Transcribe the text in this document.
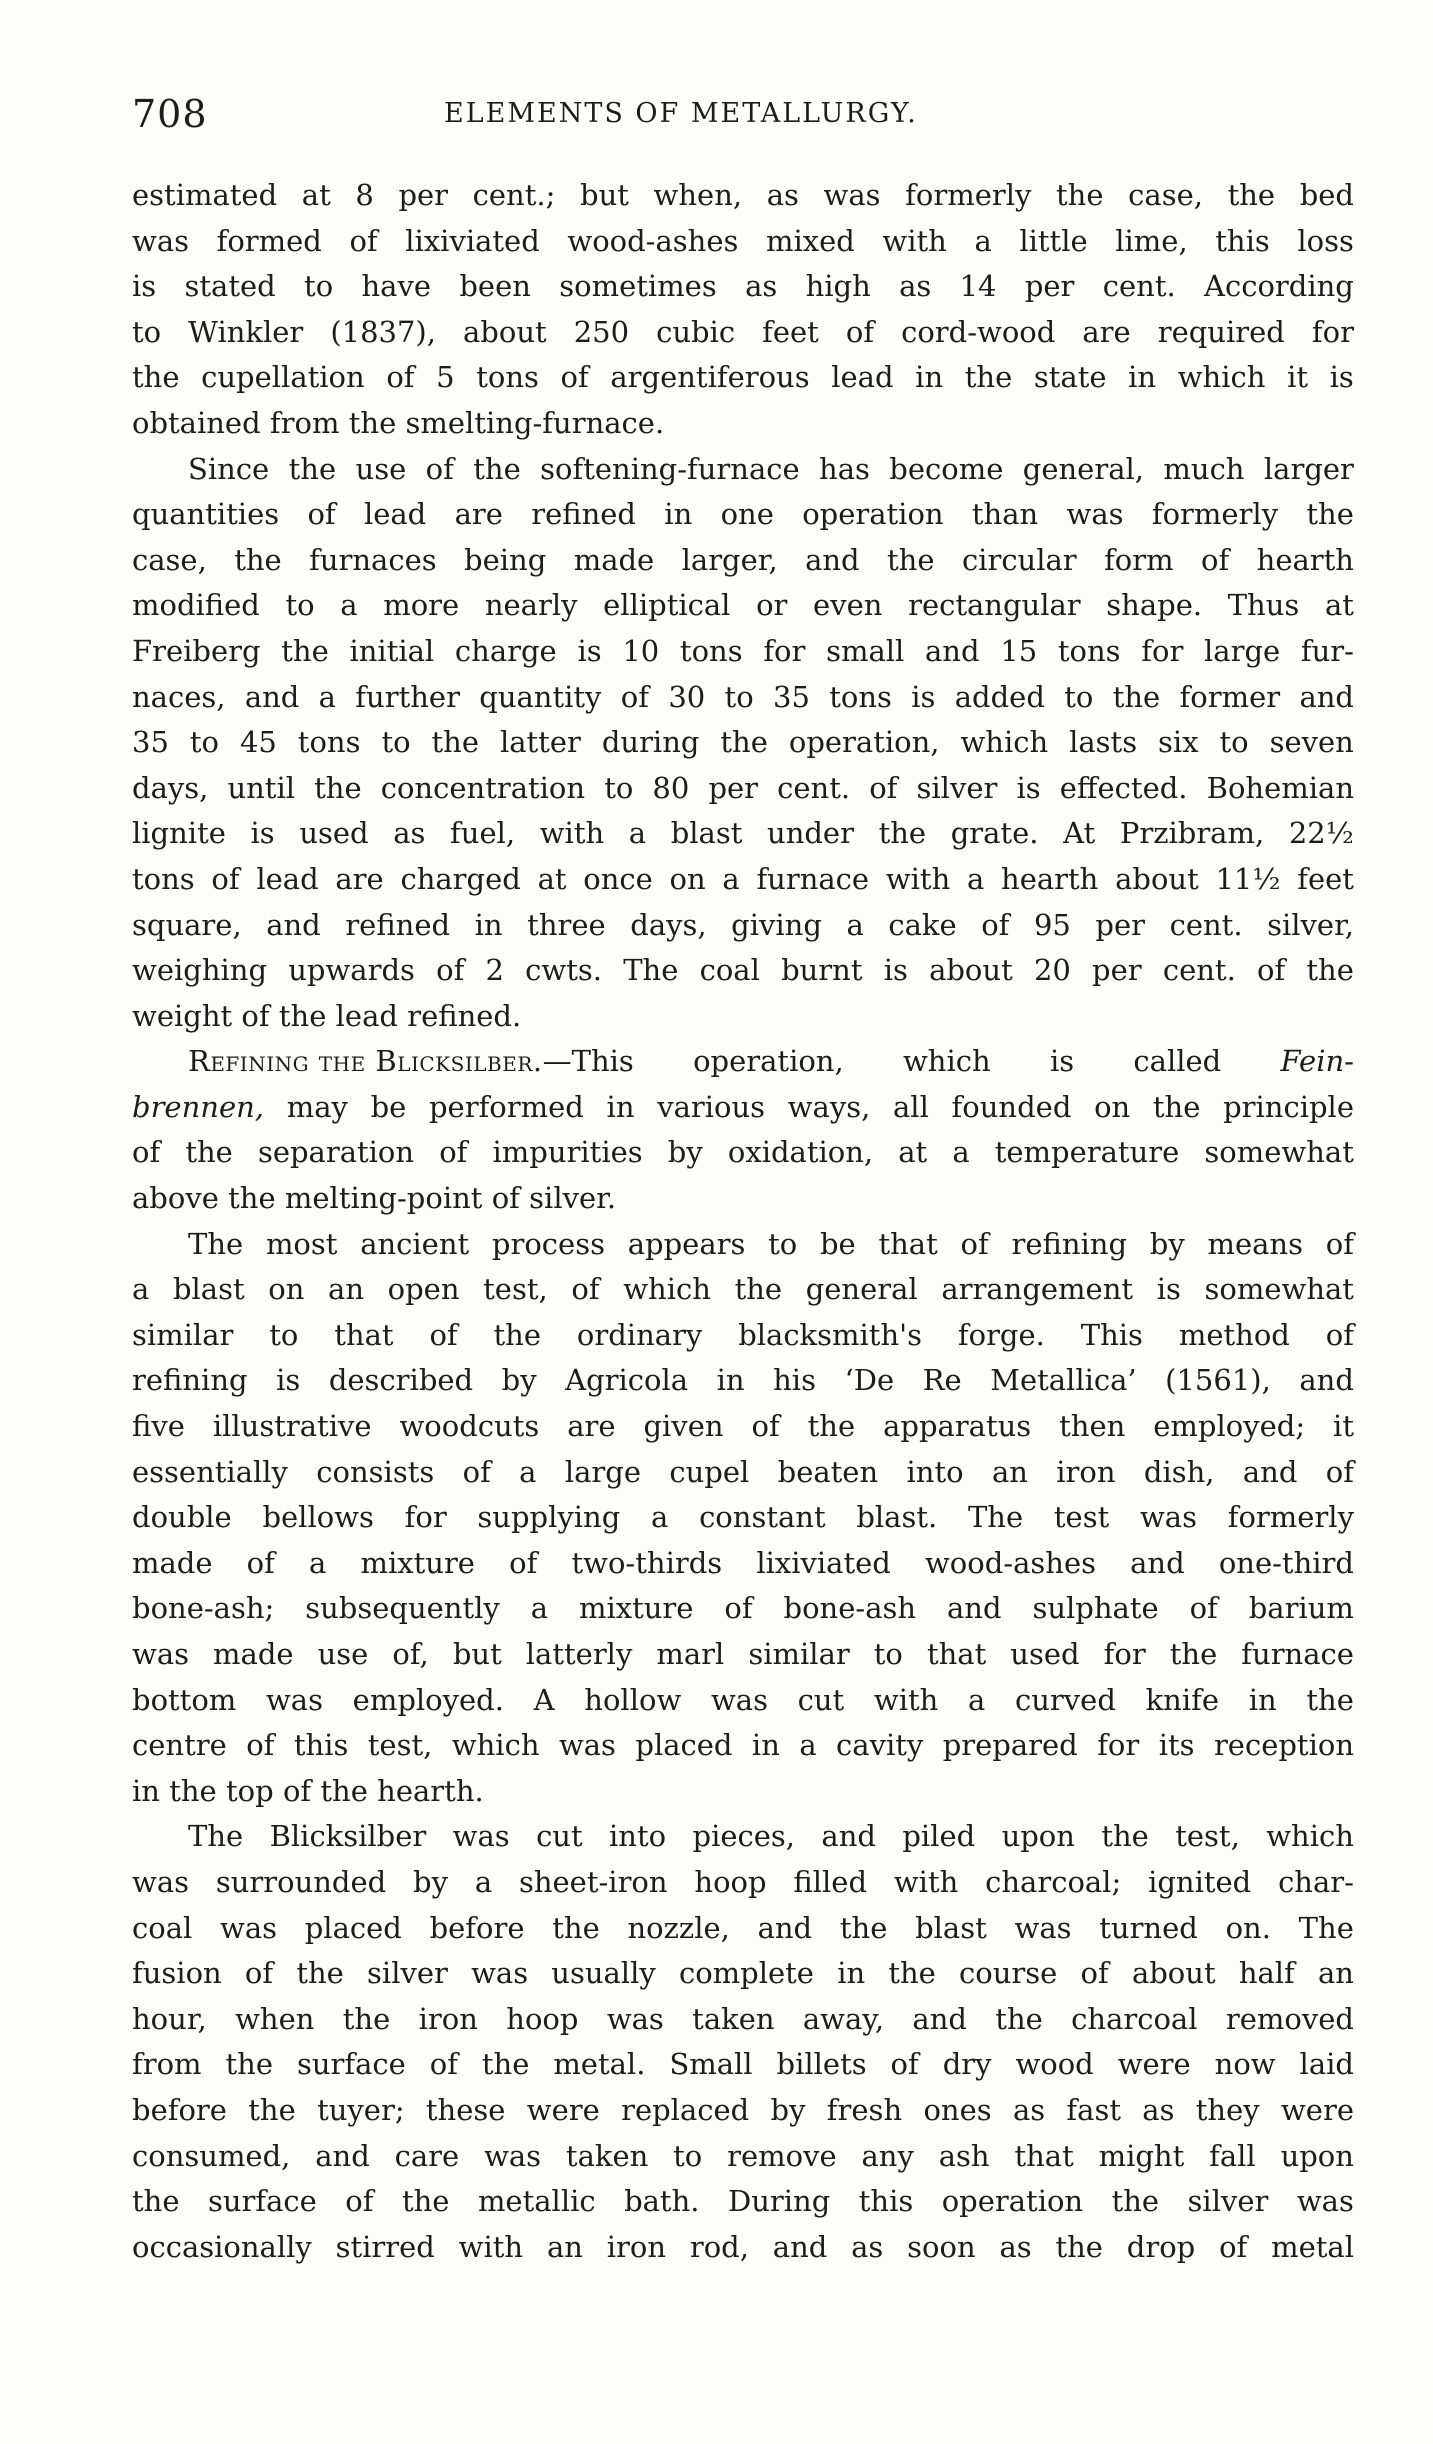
708	ELEMENTS OF METALLURGY.
estimated at 8 per cent.; but when, as was formerly the case, the bed
was formed of lixiviated wood-ashes mixed with a little lime, this loss
is stated to have been sometimes as high as 14 per cent. According
to Winkler (1837), about 250 cubic feet of cord-wood are required for
the cupellation of 5 tons of argentiferous lead in the state in which it is
obtained from the smelting-furnace.
Since the use of the softening-furnace has become general, much larger
quantities of lead are refined in one operation than was formerly the
case, the furnaces being made larger, and the circular form of hearth
modified to a more nearly elliptical or even rectangular shape. Thus at
Freiberg the initial charge is 10 tons for small and 15 tons for large fur-
naces, and a further quantity of 30 to 35 tons is added to the former and
35 to 45 tons to the latter during the operation, which lasts six to seven
days, until the concentration to 80 per cent. of silver is effected. Bohemian
lignite is used as fuel, with a blast under the grate. At Przibram, 22½
tons of lead are charged at once on a furnace with a hearth about 11½ feet
square, and refined in three days, giving a cake of 95 per cent. silver,
weighing upwards of 2 cwts. The coal burnt is about 20 per cent. of the
weight of the lead refined.
Refining the Blicksilber.—This operation, which is called Fein-
brennen, may be performed in various ways, all founded on the principle
of the separation of impurities by oxidation, at a temperature somewhat
above the melting-point of silver.
The most ancient process appears to be that of refining by means of
a blast on an open test, of which the general arrangement is somewhat
similar to that of the ordinary blacksmith's forge. This method of
refining is described by Agricola in his ‘De Re Metallica’ (1561), and
five illustrative woodcuts are given of the apparatus then employed; it
essentially consists of a large cupel beaten into an iron dish, and of
double bellows for supplying a constant blast. The test was formerly
made of a mixture of two-thirds lixiviated wood-ashes and one-third
bone-ash; subsequently a mixture of bone-ash and sulphate of barium
was made use of, but latterly marl similar to that used for the furnace
bottom was employed. A hollow was cut with a curved knife in the
centre of this test, which was placed in a cavity prepared for its reception
in the top of the hearth.
The Blicksilber was cut into pieces, and piled upon the test, which
was surrounded by a sheet-iron hoop filled with charcoal; ignited char-
coal was placed before the nozzle, and the blast was turned on. The
fusion of the silver was usually complete in the course of about half an
hour, when the iron hoop was taken away, and the charcoal removed
from the surface of the metal. Small billets of dry wood were now laid
before the tuyer; these were replaced by fresh ones as fast as they were
consumed, and care was taken to remove any ash that might fall upon
the surface of the metallic bath. During this operation the silver was
occasionally stirred with an iron rod, and as soon as the drop of metal
